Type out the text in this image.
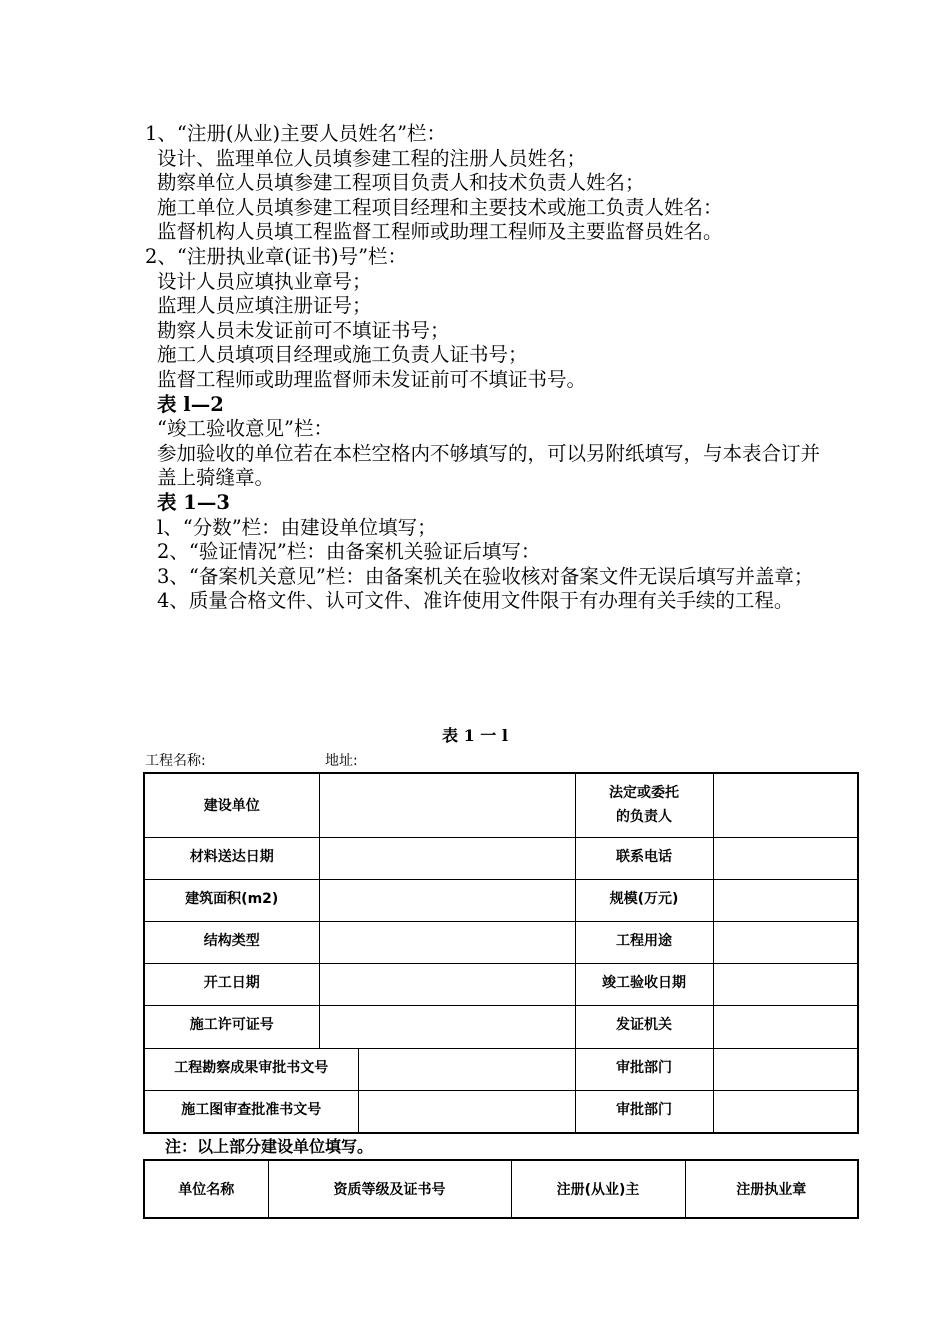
1、“注册(从业)主要人员姓名”栏：
设计、监理单位人员填参建工程的注册人员姓名；
勘察单位人员填参建工程项目负责人和技术负责人姓名；
施工单位人员填参建工程项目经理和主要技术或施工负责人姓名：
监督机构人员填工程监督工程师或助理工程师及主要监督员姓名。
2、“注册执业章(证书)号”栏：
设计人员应填执业章号；
监理人员应填注册证号；
勘察人员未发证前可不填证书号；
施工人员填项目经理或施工负责人证书号；
监督工程师或助理监督师未发证前可不填证书号。
表 l—2
“竣工验收意见”栏：
参加验收的单位若在本栏空格内不够填写的，可以另附纸填写，与本表合订并盖上骑缝章。
表 1—3
l、“分数”栏：由建设单位填写；
2、“验证情况”栏：由备案机关验证后填写：
3、“备案机关意见”栏：由备案机关在验收核对备案文件无误后填写并盖章；
4、质量合格文件、认可文件、准许使用文件限于有办理有关手续的工程。
表 1 一 l
工程名称:	地址:
建设单位			法定或委托
的负责人	
材料送达日期			联系电话	
建筑面积(m2)			规模(万元)	
结构类型			工程用途	
开工日期			竣工验收日期	
施工许可证号			发证机关	
工程勘察成果审批书文号			审批部门	
施工图审查批准书文号			审批部门	
注：以上部分建设单位填写。
单位名称	资质等级及证书号	注册(从业)主	注册执业章
